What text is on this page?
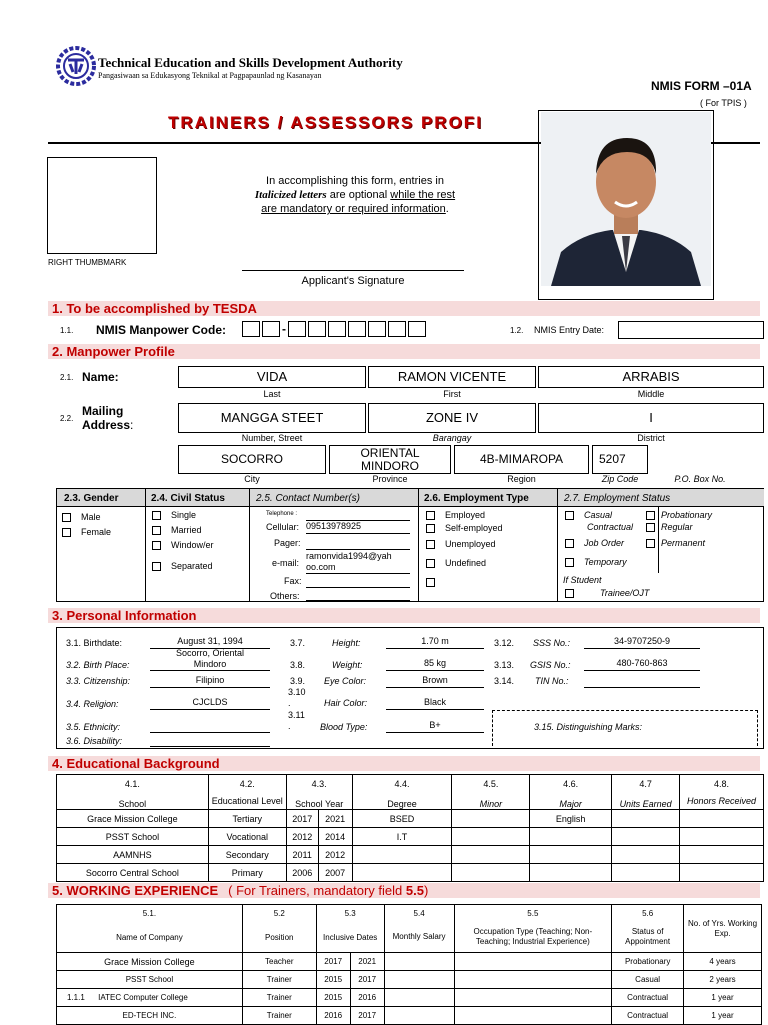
Technical Education and Skills Development Authority
Pangasiwaan sa Edukasyong Teknikal at Pagpapaunlad ng Kasanayan
NMIS FORM –01A
( For TPIS )
TRAINERS / ASSESSORS PROFI
RIGHT THUMBMARK
In accomplishing this form, entries in
Italicized letters are optional while the rest
are mandatory or required information.
Applicant's Signature
1. To be accomplished by TESDA
1.1. NMIS Manpower Code:	-	1.2. NMIS Entry Date:
2. Manpower Profile
2.1. Name:	VIDA	RAMON VICENTE	ARRABIS
Last	First	Middle
2.2.
Mailing
Address:	MANGGA STEET	ZONE IV	I
Number, Street	Barangay	District
SOCORRO	ORIENTAL MINDORO	4B-MIMAROPA	5207
City	Province	Region	Zip Code	P.O. Box No.
2.3. Gender
Male
Female
2.4. Civil Status
Single
Married
Window/er
Separated
2.5. Contact Number(s)
Telephone :
Cellular: 09513978925
Pager:
e-mail:
ramonvida1994@yah
oo.com
Fax:
Others:
2.6. Employment Type
Employed
Self-employed
Unemployed
Undefined
2.7. Employment Status
Casual
Contractual
Job Order
Temporary
Probationary
Regular
Permanent
If Student
Trainee/OJT
3. Personal Information
3.1. Birthdate:	August 31, 1994
3.2. Birth Place:
Socorro, Oriental
Mindoro
3.3. Citizenship:	Filipino
3.4. Religion:	CJCLDS
3.5. Ethnicity:
3.6. Disability:
3.7.	Height:	1.70 m
3.8.	Weight:	85 kg
3.9. Eye Color:	Brown
3.10
.	Hair Color:	Black
3.11
.	Blood Type:	B+
3.12. SSS No.:	34-9707250-9
3.13. GSIS No.:	480-760-863
3.14. TIN No.:
3.15. Distinguishing Marks:
4. Educational Background
4.1.	4.2.	4.3.		4.4.	4.5.	4.6.	4.7	4.8.
School	Educational Level	School Year		Degree	Minor	Major	Units Earned	Honors Received
Grace Mission College	Tertiary	2017	2021	BSED		English		
PSST School	Vocational	2012	2014	I.T				
AAMNHS	Secondary	2011	2012					
Socorro Central School	Primary	2006	2007					
5. WORKING EXPERIENCE ( For Trainers, mandatory field 5.5)
5.1.	5.2	5.3		5.4	5.5	5.6	No. of Yrs. Working Exp.
Name of Company	Position	Inclusive Dates		Monthly Salary	Occupation Type (Teaching; Non-Teaching; Industrial Experience)	Status of Appointment	
Grace Mission College	Teacher	2017	2021			Probationary	4 years
PSST School	Trainer	2015	2017			Casual	2 years
1.1.1      IATEC Computer College	Trainer	2015	2016			Contractual	1 year
ED-TECH INC.	Trainer	2016	2017			Contractual	1 year
